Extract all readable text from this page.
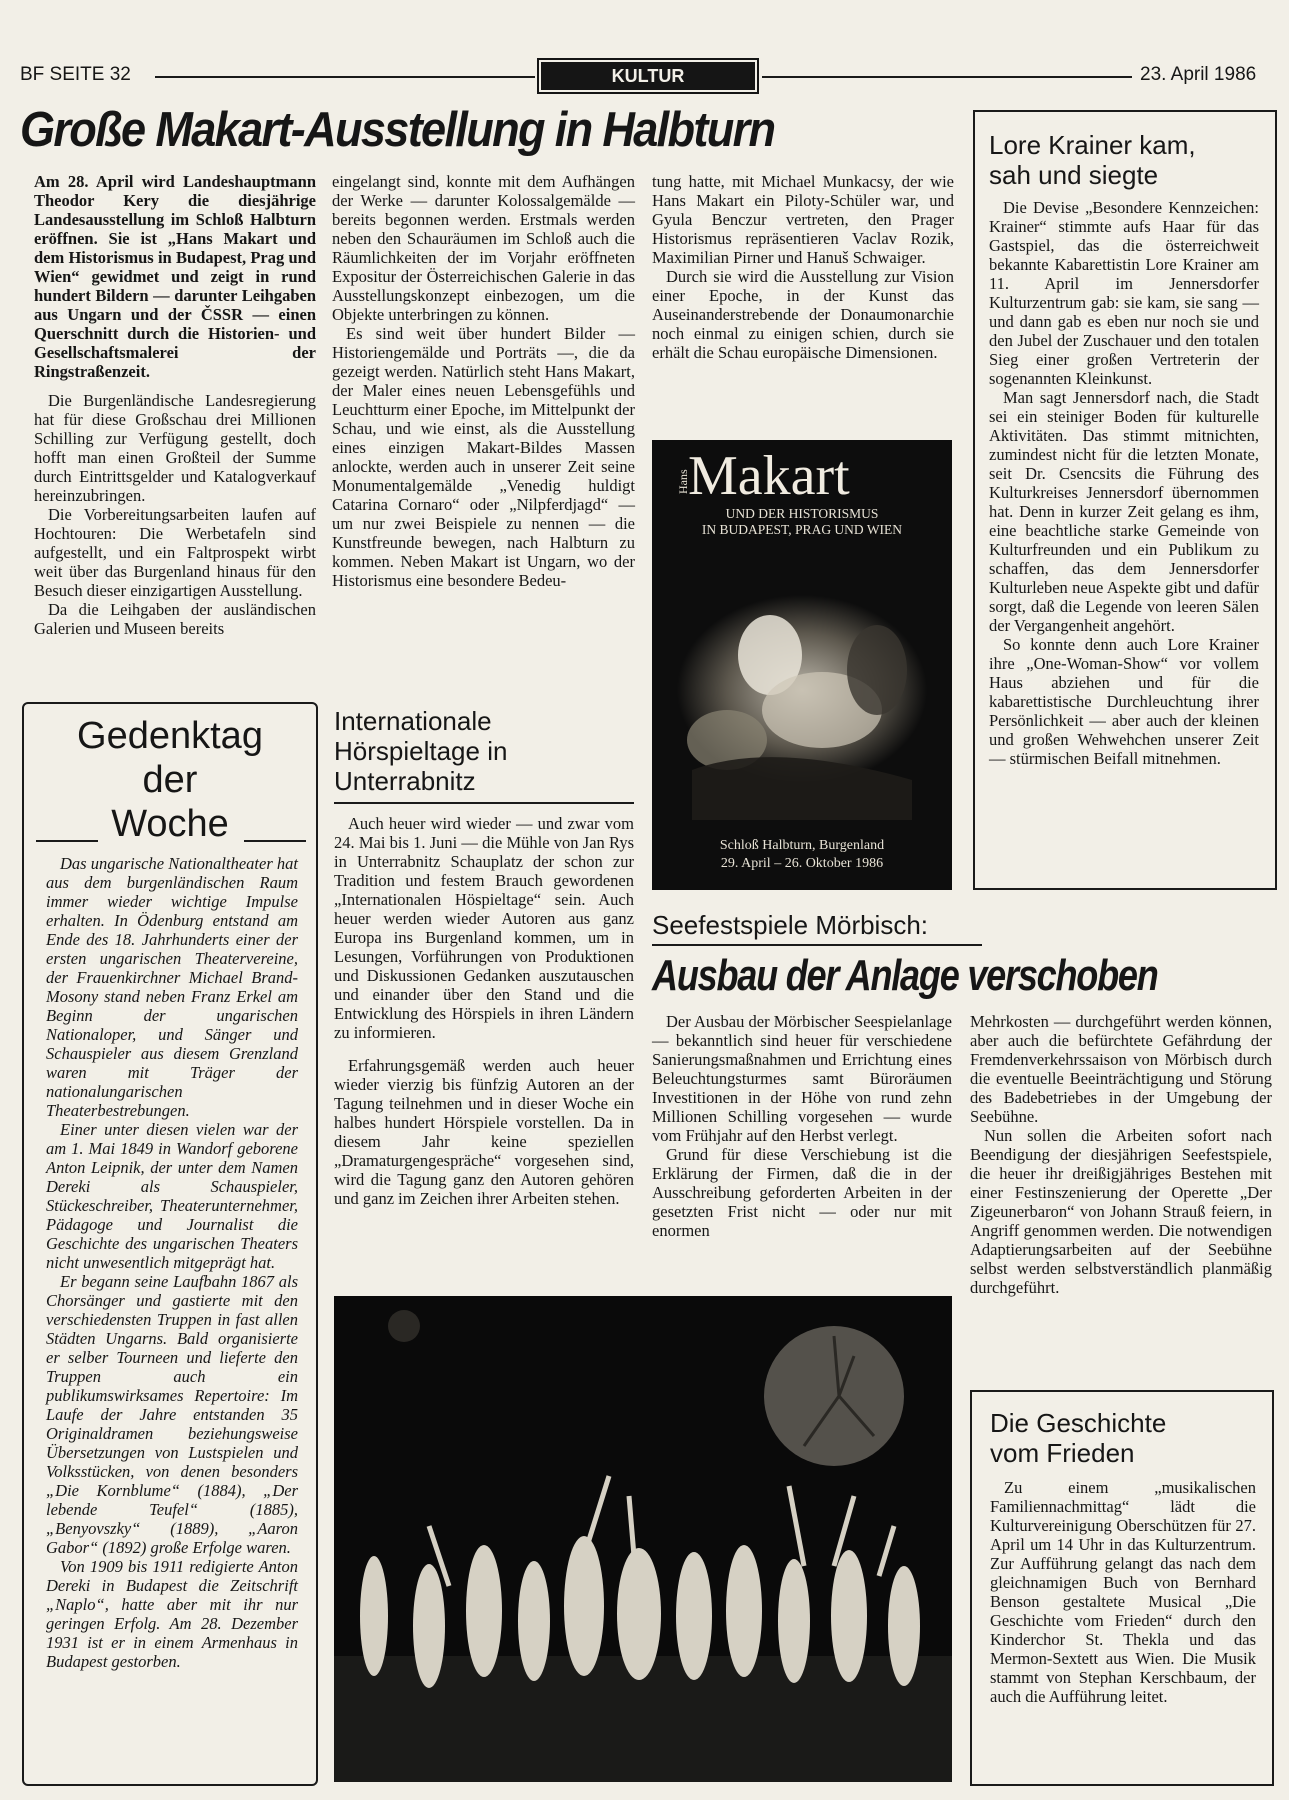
BF SEITE 32	KULTUR	23. April 1986
Große Makart-Ausstellung in Halbturn

Am 28. April wird Landeshauptmann Theodor Kery die diesjährige Landesausstellung im Schloß Halbturn eröffnen. Sie ist „Hans Makart und dem Historismus in Budapest, Prag und Wien“ gewidmet und zeigt in rund hundert Bildern — darunter Leihgaben aus Ungarn und der ČSSR — einen Querschnitt durch die Historien- und Gesellschaftsmalerei der Ringstraßenzeit.

Die Burgenländische Landesregierung hat für diese Großschau drei Millionen Schilling zur Verfügung gestellt, doch hofft man einen Großteil der Summe durch Eintrittsgelder und Katalogverkauf hereinzubringen.

Die Vorbereitungsarbeiten laufen auf Hochtouren: Die Werbetafeln sind aufgestellt, und ein Faltprospekt wirbt weit über das Burgenland hinaus für den Besuch dieser einzigartigen Ausstellung.

Da die Leihgaben der ausländischen Galerien und Museen bereits

eingelangt sind, konnte mit dem Aufhängen der Werke — darunter Kolossalgemälde — bereits begonnen werden. Erstmals werden neben den Schauräumen im Schloß auch die Räumlichkeiten der im Vorjahr eröffneten Expositur der Österreichischen Galerie in das Ausstellungskonzept einbezogen, um die Objekte unterbringen zu können.

Es sind weit über hundert Bilder — Historiengemälde und Porträts —, die da gezeigt werden. Natürlich steht Hans Makart, der Maler eines neuen Lebensgefühls und Leuchtturm einer Epoche, im Mittelpunkt der Schau, und wie einst, als die Ausstellung eines einzigen Makart-Bildes Massen anlockte, werden auch in unserer Zeit seine Monumentalgemälde „Venedig huldigt Catarina Cornaro“ oder „Nilpferdjagd“ — um nur zwei Beispiele zu nennen — die Kunstfreunde bewegen, nach Halbturn zu kommen. Neben Makart ist Ungarn, wo der Historismus eine besondere Bedeu-

tung hatte, mit Michael Munkacsy, der wie Hans Makart ein Piloty-Schüler war, und Gyula Benczur vertreten, den Prager Historismus repräsentieren Vaclav Rozik, Maximilian Pirner und Hanuš Schwaiger.

Durch sie wird die Ausstellung zur Vision einer Epoche, in der Kunst das Auseinanderstrebende der Donaumonarchie noch einmal zu einigen schien, durch sie erhält die Schau europäische Dimensionen.

Hans
Makart
UND DER HISTORISMUS
IN BUDAPEST, PRAG UND WIEN
Schloß Halbturn, Burgenland
29. April – 26. Oktober 1986
Lore Krainer kam,
sah und siegte

Die Devise „Besondere Kennzeichen: Krainer“ stimmte aufs Haar für das Gastspiel, das die österreichweit bekannte Kabarettistin Lore Krainer am 11. April im Jennersdorfer Kulturzentrum gab: sie kam, sie sang — und dann gab es eben nur noch sie und den Jubel der Zuschauer und den totalen Sieg einer großen Vertreterin der sogenannten Kleinkunst.

Man sagt Jennersdorf nach, die Stadt sei ein steiniger Boden für kulturelle Aktivitäten. Das stimmt mitnichten, zumindest nicht für die letzten Monate, seit Dr. Csencsits die Führung des Kulturkreises Jennersdorf übernommen hat. Denn in kurzer Zeit gelang es ihm, eine beachtliche starke Gemeinde von Kulturfreunden und ein Publikum zu schaffen, das dem Jennersdorfer Kulturleben neue Aspekte gibt und dafür sorgt, daß die Legende von leeren Sälen der Vergangenheit angehört.

So konnte denn auch Lore Krainer ihre „One-Woman-Show“ vor vollem Haus abziehen und für die kabarettistische Durchleuchtung ihrer Persönlichkeit — aber auch der kleinen und großen Wehwehchen unserer Zeit — stürmischen Beifall mitnehmen.

Gedenktag
der
Woche

Das ungarische Nationaltheater hat aus dem burgenländischen Raum immer wieder wichtige Impulse erhalten. In Ödenburg entstand am Ende des 18. Jahrhunderts einer der ersten ungarischen Theatervereine, der Frauenkirchner Michael Brand-Mosony stand neben Franz Erkel am Beginn der ungarischen Nationaloper, und Sänger und Schauspieler aus diesem Grenzland waren mit Träger der nationalungarischen Theaterbestrebungen.

Einer unter diesen vielen war der am 1. Mai 1849 in Wandorf geborene Anton Leipnik, der unter dem Namen Dereki als Schauspieler, Stückeschreiber, Theaterunternehmer, Pädagoge und Journalist die Geschichte des ungarischen Theaters nicht unwesentlich mitgeprägt hat.

Er begann seine Laufbahn 1867 als Chorsänger und gastierte mit den verschiedensten Truppen in fast allen Städten Ungarns. Bald organisierte er selber Tourneen und lieferte den Truppen auch ein publikumswirksames Repertoire: Im Laufe der Jahre entstanden 35 Originaldramen beziehungsweise Übersetzungen von Lustspielen und Volksstücken, von denen besonders „Die Kornblume“ (1884), „Der lebende Teufel“ (1885), „Benyovszky“ (1889), „Aaron Gabor“ (1892) große Erfolge waren.

Von 1909 bis 1911 redigierte Anton Dereki in Budapest die Zeitschrift „Naplo“, hatte aber mit ihr nur geringen Erfolg. Am 28. Dezember 1931 ist er in einem Armenhaus in Budapest gestorben.

Internationale
Hörspieltage in
Unterrabnitz

Auch heuer wird wieder — und zwar vom 24. Mai bis 1. Juni — die Mühle von Jan Rys in Unterrabnitz Schauplatz der schon zur Tradition und festem Brauch gewordenen „Internationalen Höspieltage“ sein. Auch heuer werden wieder Autoren aus ganz Europa ins Burgenland kommen, um in Lesungen, Vorführungen von Produktionen und Diskussionen Gedanken auszutauschen und einander über den Stand und die Entwicklung des Hörspiels in ihren Ländern zu informieren.

Erfahrungsgemäß werden auch heuer wieder vierzig bis fünfzig Autoren an der Tagung teilnehmen und in dieser Woche ein halbes hundert Hörspiele vorstellen. Da in diesem Jahr keine speziellen „Dramaturgengespräche“ vorgesehen sind, wird die Tagung ganz den Autoren gehören und ganz im Zeichen ihrer Arbeiten stehen.

Seefestspiele Mörbisch:
Ausbau der Anlage verschoben

Der Ausbau der Mörbischer Seespielanlage — bekanntlich sind heuer für verschiedene Sanierungsmaßnahmen und Errichtung eines Beleuchtungsturmes samt Büroräumen Investitionen in der Höhe von rund zehn Millionen Schilling vorgesehen — wurde vom Frühjahr auf den Herbst verlegt.

Grund für diese Verschiebung ist die Erklärung der Firmen, daß die in der Ausschreibung geforderten Arbeiten in der gesetzten Frist nicht — oder nur mit enormen

Mehrkosten — durchgeführt werden können, aber auch die befürchtete Gefährdung der Fremdenverkehrssaison von Mörbisch durch die eventuelle Beeinträchtigung und Störung des Badebetriebes in der Umgebung der Seebühne.

Nun sollen die Arbeiten sofort nach Beendigung der diesjährigen Seefestspiele, die heuer ihr dreißigjähriges Bestehen mit einer Festinszenierung der Operette „Der Zigeunerbaron“ von Johann Strauß feiern, in Angriff genommen werden. Die notwendigen Adaptierungsarbeiten auf der Seebühne selbst werden selbstverständlich planmäßig durchgeführt.

Die Geschichte
vom Frieden

Zu einem „musikalischen Familiennachmittag“ lädt die Kulturvereinigung Oberschützen für 27. April um 14 Uhr in das Kulturzentrum. Zur Aufführung gelangt das nach dem gleichnamigen Buch von Bernhard Benson gestaltete Musical „Die Geschichte vom Frieden“ durch den Kinderchor St. Thekla und das Mermon-Sextett aus Wien. Die Musik stammt von Stephan Kerschbaum, der auch die Aufführung leitet.
